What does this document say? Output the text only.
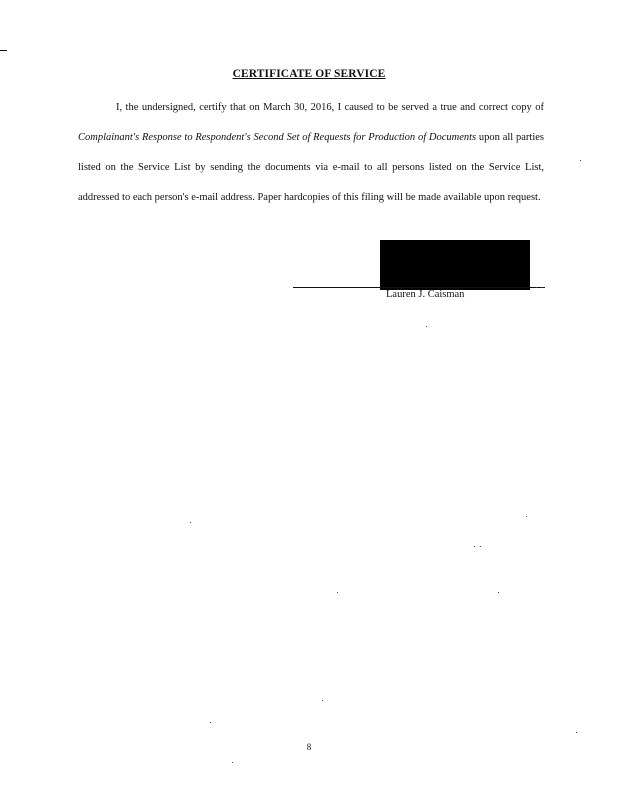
CERTIFICATE OF SERVICE

I, the undersigned, certify that on March 30, 2016, I caused to be served a true and correct copy of Complainant's Response to Respondent's Second Set of Requests for Production of Documents upon all parties listed on the Service List by sending the documents via e-mail to all persons listed on the Service List, addressed to each person's e-mail address. Paper hardcopies of this filing will be made available upon request.

Lauren J. Caisman
8
